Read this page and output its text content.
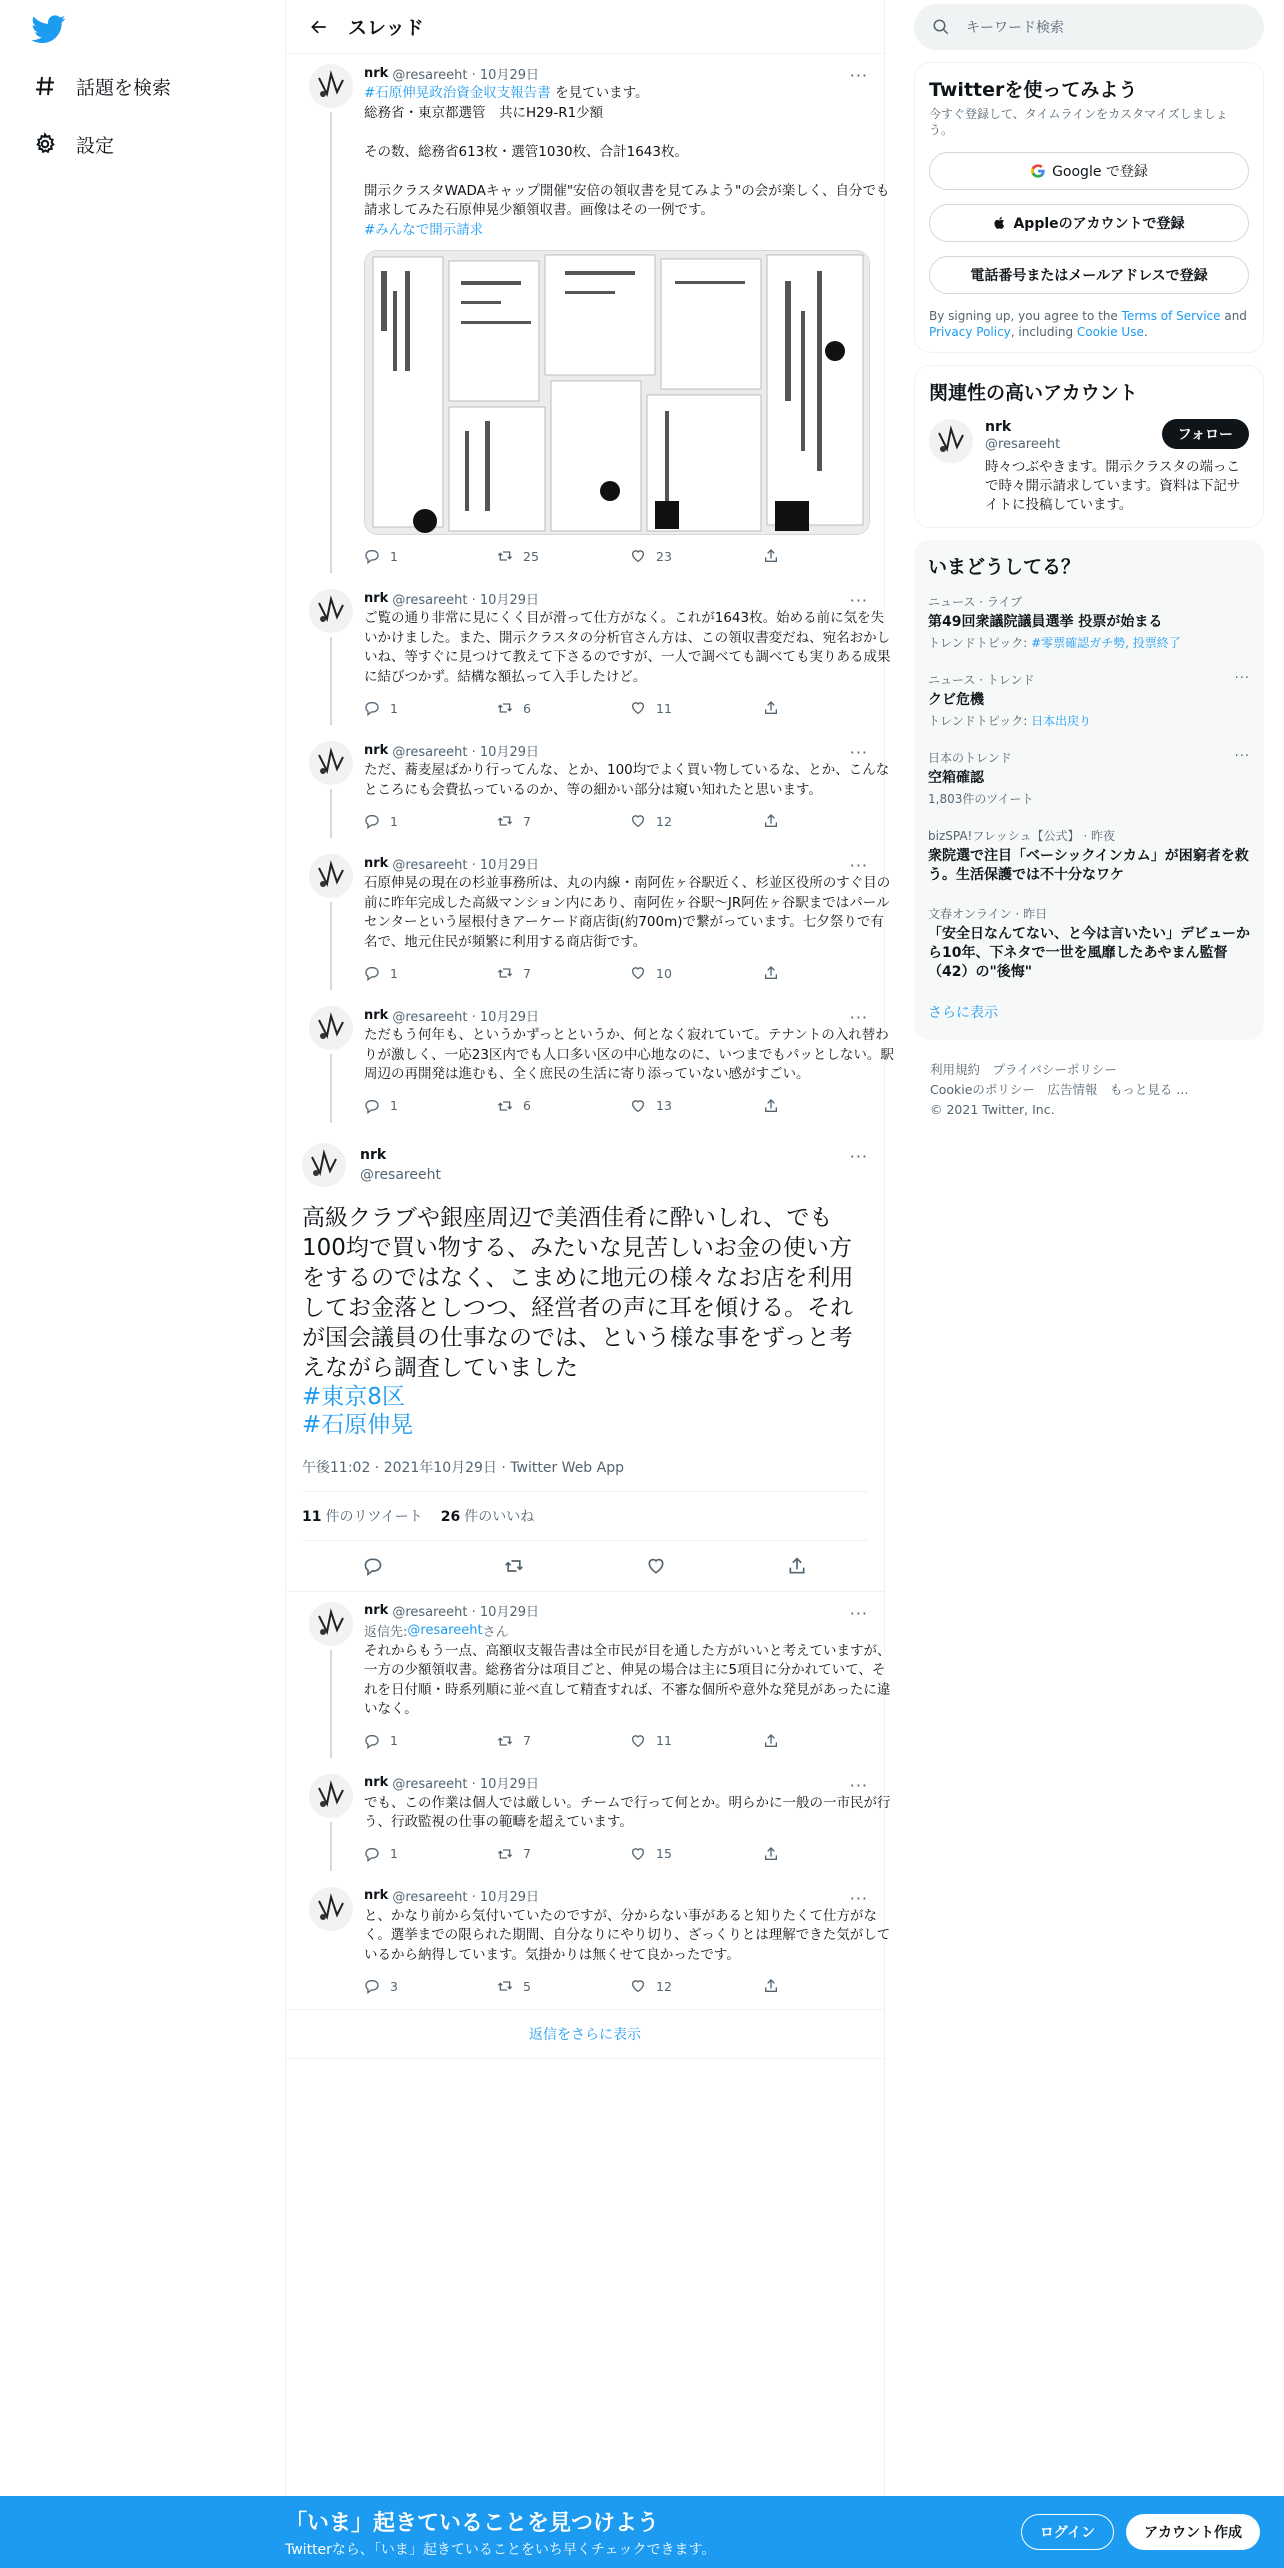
話題を検索
設定
スレッド
nrk @resareeht · 10月29日
#石原伸晃政治資金収支報告書 を見ています。
総務省・東京都選管　共にH29-R1少額

その数、総務省613枚・選管1030枚、合計1643枚。

開示クラスタWADAキャップ開催"安倍の領収書を見てみよう"の会が楽しく、自分でも請求してみた石原伸晃少額領収書。画像はその一例です。
#みんなで開示請求
1	25	23
···
nrk @resareeht · 10月29日
ご覧の通り非常に見にくく目が滑って仕方がなく。これが1643枚。始める前に気を失いかけました。また、開示クラスタの分析官さん方は、この領収書変だね、宛名おかしいね、等すぐに見つけて教えて下さるのですが、一人で調べても調べても実りある成果に結びつかず。結構な額払って入手したけど。
1	6	11
···
nrk @resareeht · 10月29日
ただ、蕎麦屋ばかり行ってんな、とか、100均でよく買い物しているな、とか、こんなところにも会費払っているのか、等の細かい部分は窺い知れたと思います。
1	7	12
···
nrk @resareeht · 10月29日
石原伸晃の現在の杉並事務所は、丸の内線・南阿佐ヶ谷駅近く、杉並区役所のすぐ目の前に昨年完成した高級マンション内にあり、南阿佐ヶ谷駅～JR阿佐ヶ谷駅まではパールセンターという屋根付きアーケード商店街(約700m)で繋がっています。七夕祭りで有名で、地元住民が頻繁に利用する商店街です。
1	7	10
···
nrk @resareeht · 10月29日
ただもう何年も、というかずっとというか、何となく寂れていて。テナントの入れ替わりが激しく、一応23区内でも人口多い区の中心地なのに、いつまでもパッとしない。駅周辺の再開発は進むも、全く庶民の生活に寄り添っていない感がすごい。
1	6	13
···
nrk
@resareeht
···
高級クラブや銀座周辺で美酒佳肴に酔いしれ、でも100均で買い物する、みたいな見苦しいお金の使い方をするのではなく、こまめに地元の様々なお店を利用してお金落としつつ、経営者の声に耳を傾ける。それが国会議員の仕事なのでは、という様な事をずっと考えながら調査していました
#東京8区
#石原伸晃
午後11:02 · 2021年10月29日 · Twitter Web App
11 件のリツイート 26 件のいいね
nrk @resareeht · 10月29日
返信先: @resareeht さん
それからもう一点、高額収支報告書は全市民が目を通した方がいいと考えていますが、一方の少額領収書。総務省分は項目ごと、伸晃の場合は主に5項目に分かれていて、それを日付順・時系列順に並べ直して精査すれば、不審な個所や意外な発見があったに違いなく。
1	7	11
···
nrk @resareeht · 10月29日
でも、この作業は個人では厳しい。チームで行って何とか。明らかに一般の一市民が行う、行政監視の仕事の範疇を超えています。
1	7	15
···
nrk @resareeht · 10月29日
と、かなり前から気付いていたのですが、分からない事があると知りたくて仕方がなく。選挙までの限られた期間、自分なりにやり切り、ざっくりとは理解できた気がしているから納得しています。気掛かりは無くせて良かったです。
3	5	12
···
返信をさらに表示
キーワード検索
Twitterを使ってみよう
今すぐ登録して、タイムラインをカスタマイズしましょう。
Google で登録
Appleのアカウントで登録
電話番号またはメールアドレスで登録
By signing up, you agree to the Terms of Service and Privacy Policy, including Cookie Use.
関連性の高いアカウント
nrk
@resareeht
フォロー
時々つぶやきます。開示クラスタの端っこで時々開示請求しています。資料は下記サイトに投稿しています。
いまどうしてる？
ニュース · ライブ
第49回衆議院議員選挙 投票が始まる
トレンドトピック: #零票確認ガチ勢, 投票終了
ニュース · トレンド
クビ危機
トレンドトピック: 日本出戻り
···
日本のトレンド
空箱確認
1,803件のツイート
···
bizSPA!フレッシュ【公式】 · 昨夜
衆院選で注目「ベーシックインカム」が困窮者を救う。生活保護では不十分なワケ
文春オンライン · 昨日
「安全日なんてない、と今は言いたい」デビューから10年、下ネタで一世を風靡したあやまん監督（42）の"後悔"
さらに表示
利用規約　プライバシーポリシー
Cookieのポリシー　広告情報　もっと見る ...
© 2021 Twitter, Inc.
「いま」起きていることを見つけよう
Twitterなら、「いま」起きていることをいち早くチェックできます。
ログイン	アカウント作成
